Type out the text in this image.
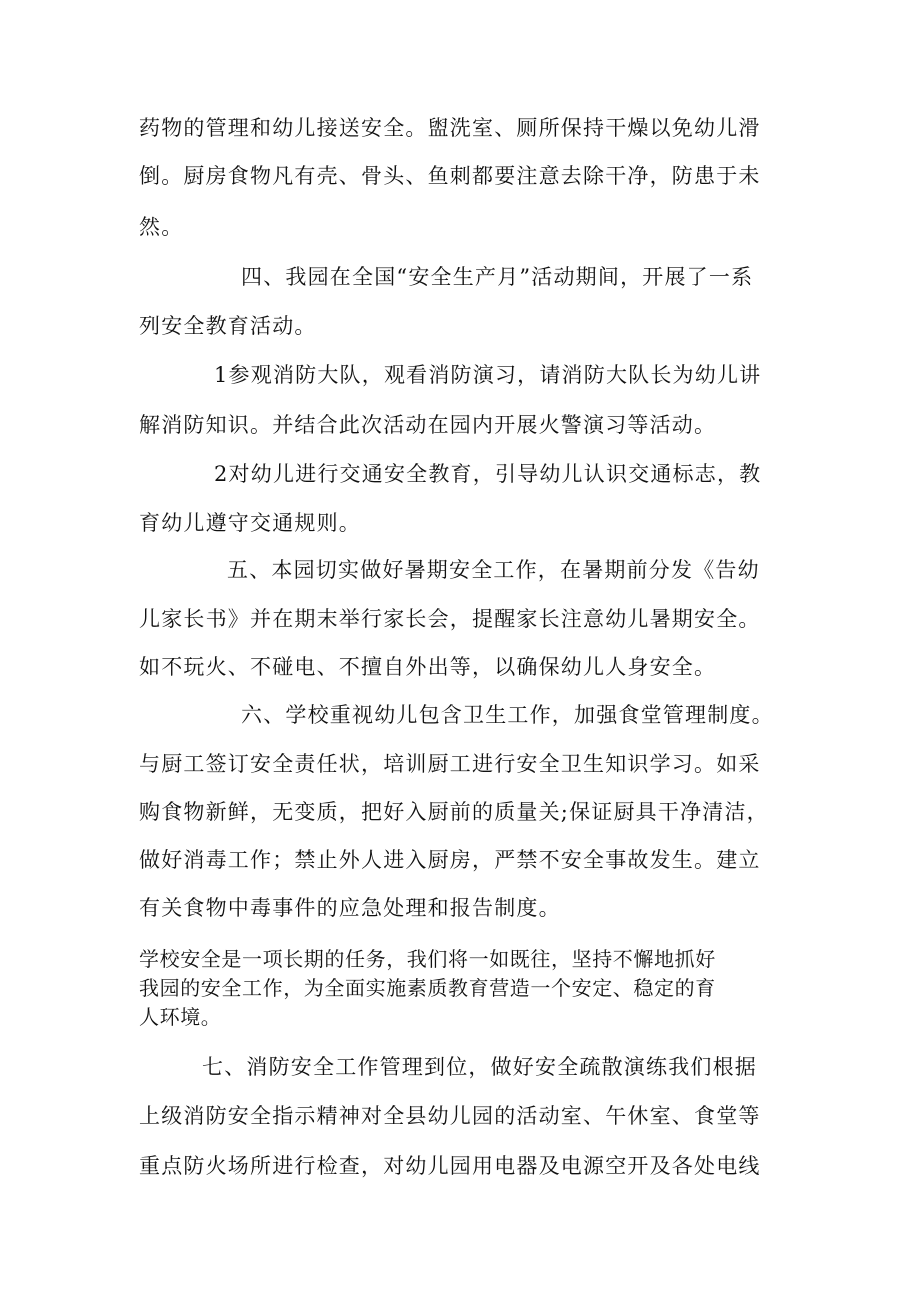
药物的管理和幼儿接送安全。盥洗室、厕所保持干燥以免幼儿滑
倒。厨房食物凡有壳、骨头、鱼刺都要注意去除干净，防患于未
然。
四、我园在全国“安全生产月”活动期间，开展了一系
列安全教育活动。
1参观消防大队，观看消防演习，请消防大队长为幼儿讲
解消防知识。并结合此次活动在园内开展火警演习等活动。
2对幼儿进行交通安全教育，引导幼儿认识交通标志，教
育幼儿遵守交通规则。
五、本园切实做好暑期安全工作，在暑期前分发《告幼
儿家长书》并在期末举行家长会，提醒家长注意幼儿暑期安全。
如不玩火、不碰电、不擅自外出等，以确保幼儿人身安全。
六、学校重视幼儿包含卫生工作，加强食堂管理制度。
与厨工签订安全责任状，培训厨工进行安全卫生知识学习。如采
购食物新鲜，无变质，把好入厨前的质量关;保证厨具干净清洁，
做好消毒工作；禁止外人进入厨房，严禁不安全事故发生。建立
有关食物中毒事件的应急处理和报告制度。
学校安全是一项长期的任务，我们将一如既往，坚持不懈地抓好
我园的安全工作，为全面实施素质教育营造一个安定、稳定的育
人环境。
七、消防安全工作管理到位，做好安全疏散演练我们根据
上级消防安全指示精神对全县幼儿园的活动室、午休室、食堂等
重点防火场所进行检查，对幼儿园用电器及电源空开及各处电线
